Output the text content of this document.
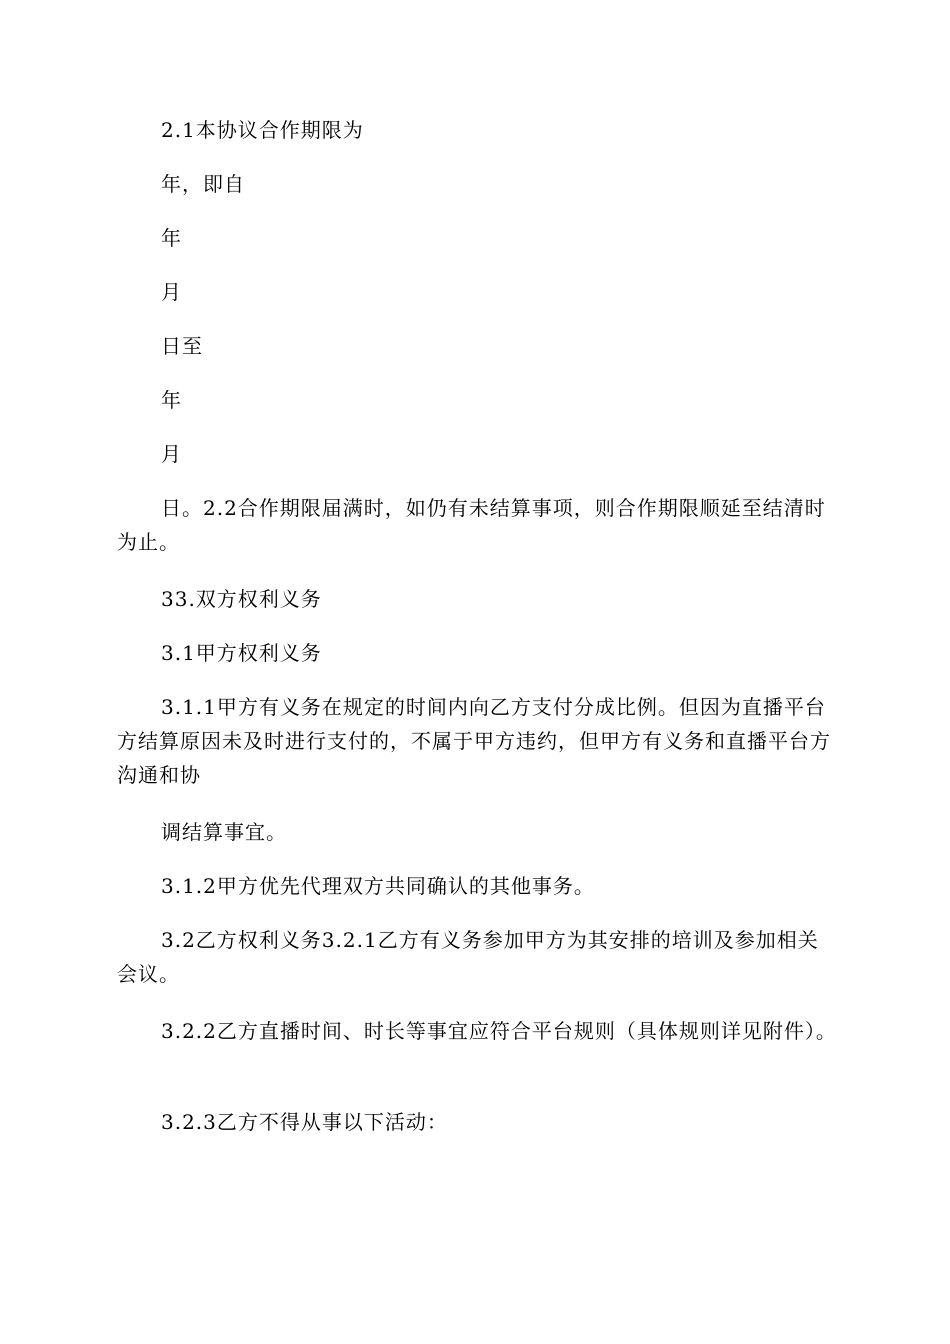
2.1本协议合作期限为

年，即自

年

月

日至

年

月

日。2.2合作期限届满时，如仍有未结算事项，则合作期限顺延至结清时为止。

33.双方权利义务

3.1甲方权利义务

3.1.1甲方有义务在规定的时间内向乙方支付分成比例。但因为直播平台方结算原因未及时进行支付的，不属于甲方违约，但甲方有义务和直播平台方沟通和协

调结算事宜。

3.1.2甲方优先代理双方共同确认的其他事务。

3.2乙方权利义务3.2.1乙方有义务参加甲方为其安排的培训及参加相关会议。

3.2.2乙方直播时间、时长等事宜应符合平台规则（具体规则详见附件）。

3.2.3乙方不得从事以下活动：
